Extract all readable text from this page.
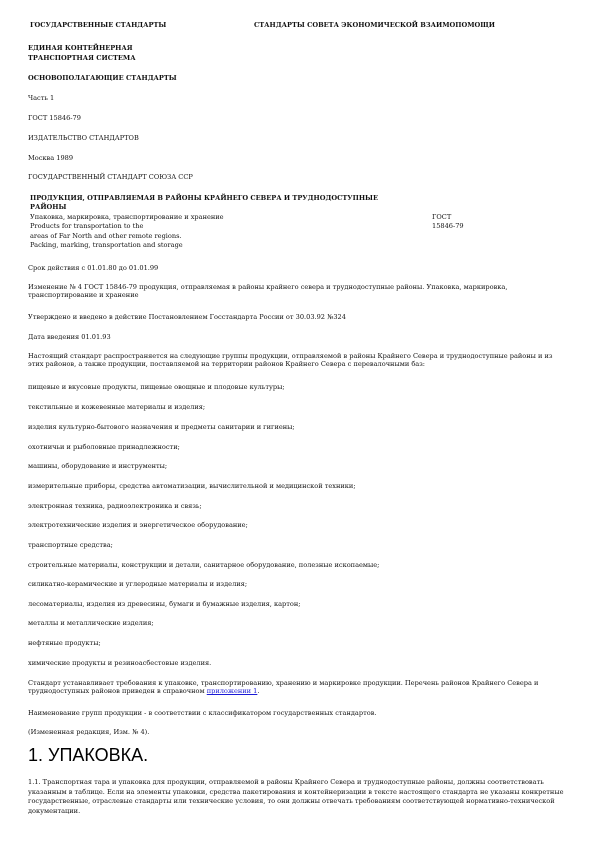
ГОСУДАРСТВЕННЫЕ СТАНДАРТЫ	СТАНДАРТЫ СОВЕТА ЭКОНОМИЧЕСКОЙ ВЗАИМОПОМОЩИ
ЕДИНАЯ КОНТЕЙНЕРНАЯ
ТРАНСПОРТНАЯ СИСТЕМА
ОСНОВОПОЛАГАЮЩИЕ СТАНДАРТЫ
Часть 1
ГОСТ 15846-79
ИЗДАТЕЛЬСТВО СТАНДАРТОВ
Москва 1989
ГОСУДАРСТВЕННЫЙ СТАНДАРТ СОЮЗА ССР
ПРОДУКЦИЯ, ОТПРАВЛЯЕМАЯ В РАЙОНЫ КРАЙНЕГО СЕВЕРА И ТРУДНОДОСТУПНЫЕ
РАЙОНЫ
Упаковка, маркировка, транспортирование и хранение
Products for transportation to the
areas of Far North and other remote regions.
Packing, marking, transportation and storage
ГОСТ
15846-79
Срок действия с 01.01.80 до 01.01.99
Изменение № 4 ГОСТ 15846-79 продукция, отправляемая в районы крайнего севера и труднодоступные районы. Упаковка, маркировка, транспортирование и хранение
Утверждено и введено в действие Постановлением Госстандарта России от 30.03.92 №324
Дата введения 01.01.93
Настоящий стандарт распространяется на следующие группы продукции, отправляемой в районы Крайнего Севера и труднодоступные районы и из этих районов, а также продукции, поставляемой на территории районов Крайнего Севера с перевалочными баз:
пищевые и вкусовые продукты, пищевые овощные и плодовые культуры;
текстильные и кожевенные материалы и изделия;
изделия культурно-бытового назначения и предметы санитарии и гигиены;
охотничьи и рыболовные принадлежности;
машины, оборудование и инструменты;
измерительные приборы, средства автоматизации, вычислительной и медицинской техники;
электронная техника, радиоэлектроника и связь;
электротехнические изделия и энергетическое оборудование;
транспортные средства;
строительные материалы, конструкции и детали, санитарное оборудование, полезные ископаемые;
силикатно-керамические и углеродные материалы и изделия;
лесоматериалы, изделия из древесины, бумаги и бумажные изделия, картон;
металлы и металлические изделия;
нефтяные продукты;
химические продукты и резиноасбестовые изделия.
Стандарт устанавливает требования к упаковке, транспортированию, хранению и маркировке продукции. Перечень районов Крайнего Севера и труднодоступных районов приведен в справочном приложении 1.
Наименование групп продукции - в соответствии с классификатором государственных стандартов.
(Измененная редакция, Изм. № 4).
1. УПАКОВКА.
1.1. Транспортная тара и упаковка для продукции, отправляемой в районы Крайнего Севера и труднодоступные районы, должны соответствовать указанным в таблице. Если на элементы упаковки, средства пакетирования и контейнеризации в тексте настоящего стандарта не указаны конкретные государственные, отраслевые стандарты или технические условия, то они должны отвечать требованиям соответствующей нормативно-технической документации.
